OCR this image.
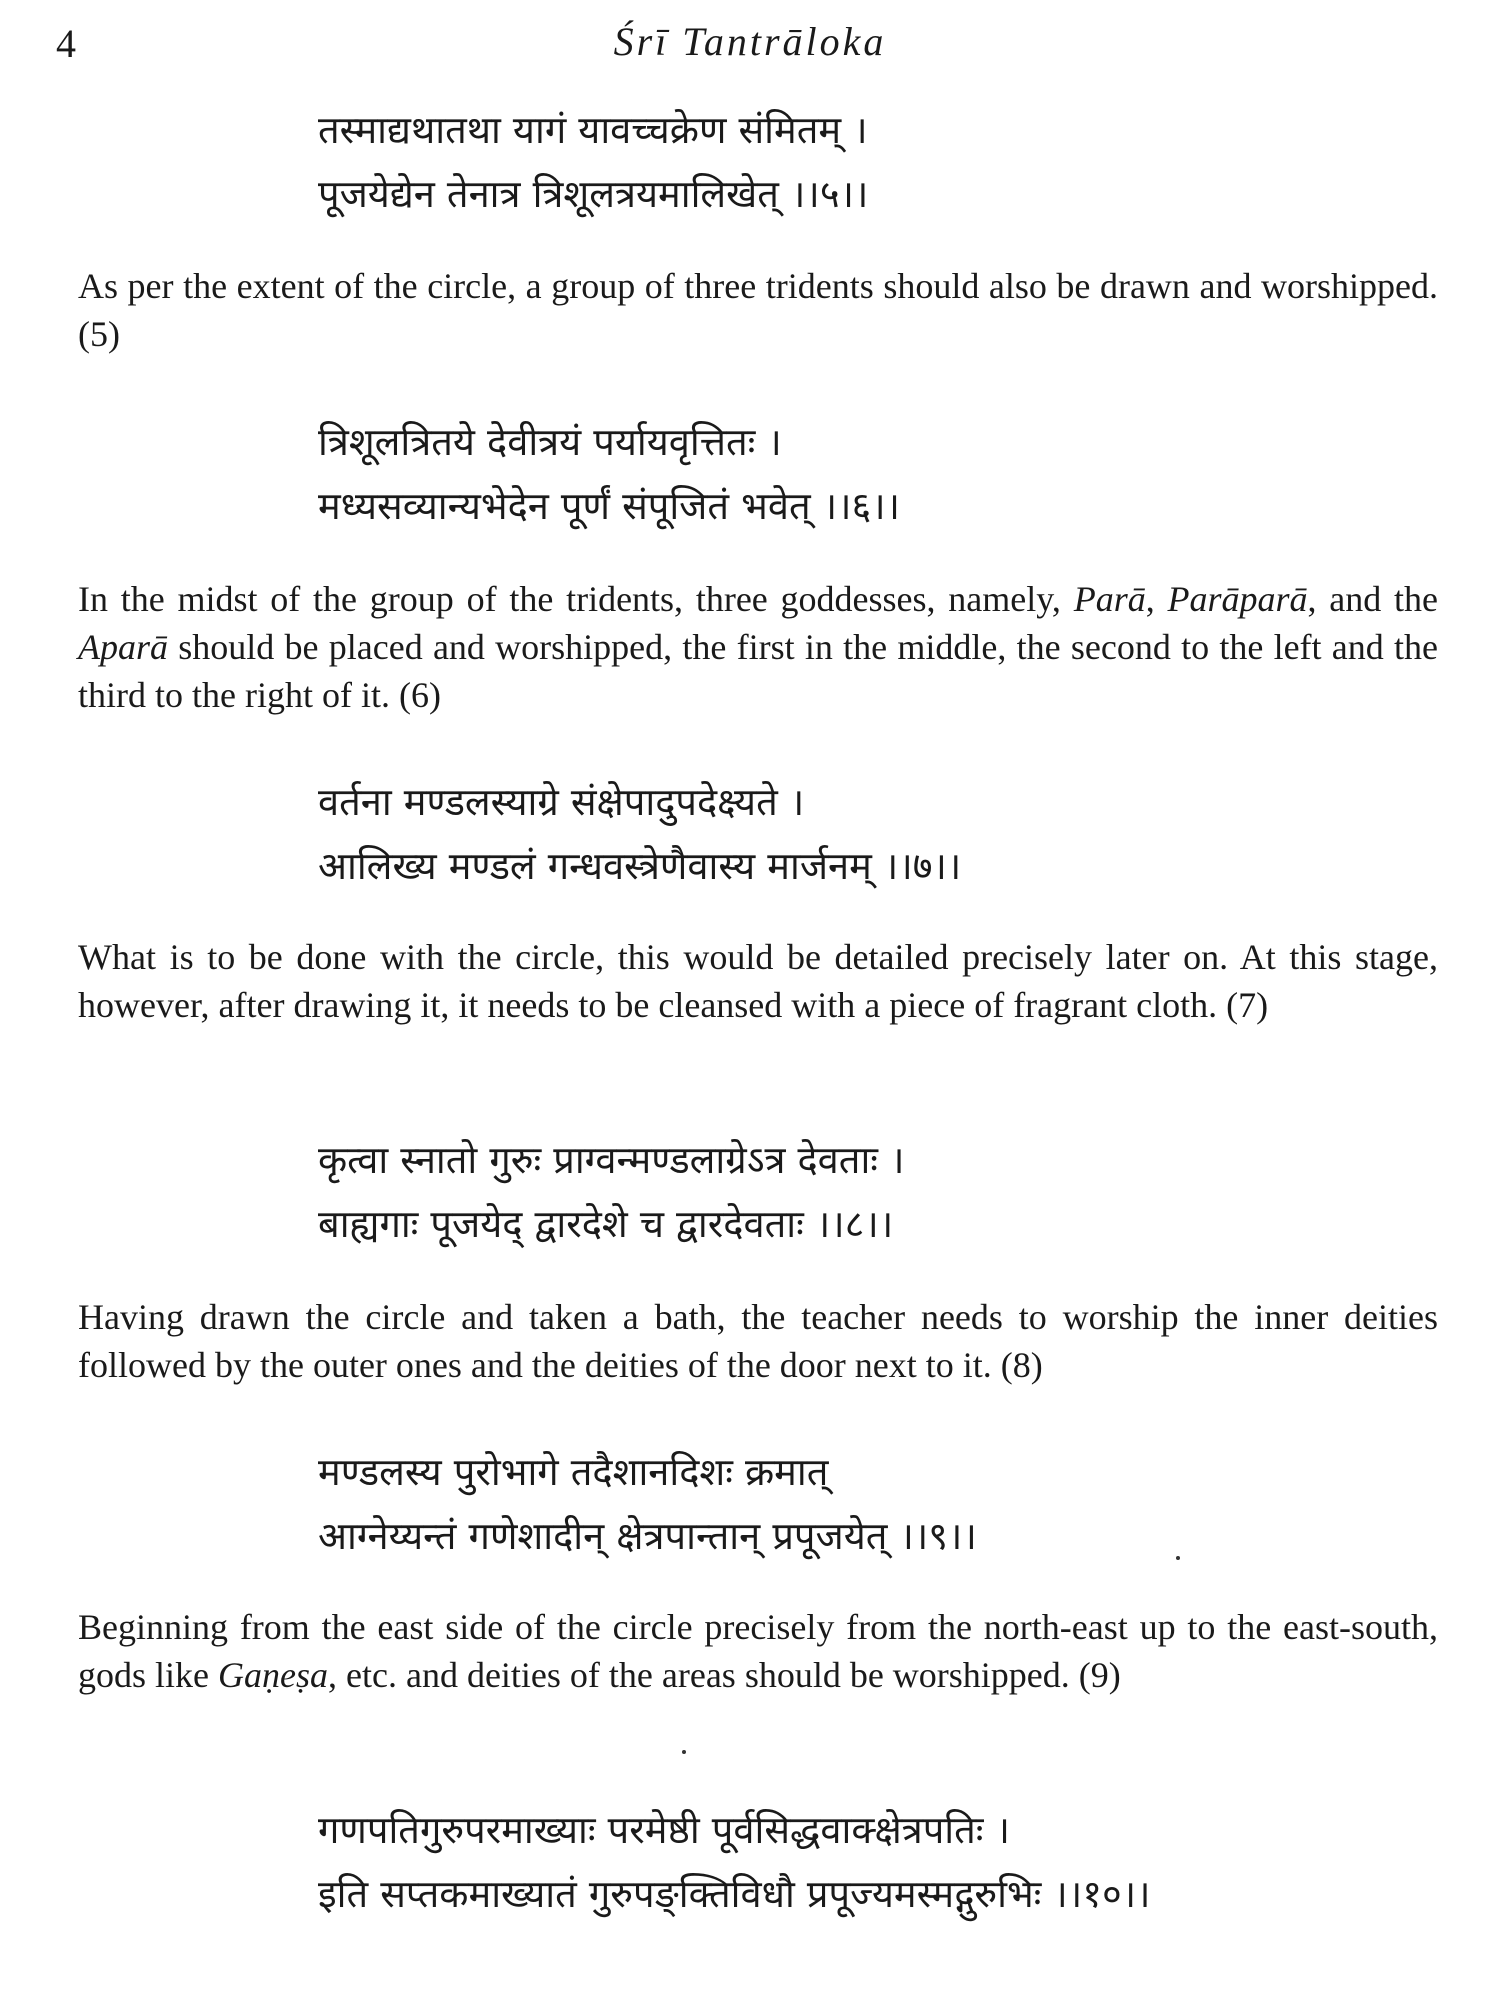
4	Śrī Tantrāloka
तस्माद्यथातथा यागं यावच्चक्रेण संमितम् ।
पूजयेद्येन तेनात्र त्रिशूलत्रयमालिखेत् ।।५।।
As per the extent of the circle, a group of three tridents should also be drawn and worshipped. (5)
त्रिशूलत्रितये देवीत्रयं पर्यायवृत्तितः ।
मध्यसव्यान्यभेदेन पूर्णं संपूजितं भवेत् ।।६।।
In the midst of the group of the tridents, three goddesses, namely, Parā, Parāparā, and the Aparā should be placed and worshipped, the first in the middle, the second to the left and the third to the right of it. (6)
वर्तना मण्डलस्याग्रे संक्षेपादुपदेक्ष्यते ।
आलिख्य मण्डलं गन्धवस्त्रेणैवास्य मार्जनम् ।।७।।
What is to be done with the circle, this would be detailed precisely later on. At this stage, however, after drawing it, it needs to be cleansed with a piece of fragrant cloth. (7)
कृत्वा स्नातो गुरुः प्राग्वन्मण्डलाग्रेऽत्र देवताः ।
बाह्यगाः पूजयेद् द्वारदेशे च द्वारदेवताः ।।८।।
Having drawn the circle and taken a bath, the teacher needs to worship the inner deities followed by the outer ones and the deities of the door next to it. (8)
मण्डलस्य पुरोभागे तदैशानदिशः क्रमात्
आग्नेय्यन्तं गणेशादीन् क्षेत्रपान्तान् प्रपूजयेत् ।।९।।
Beginning from the east side of the circle precisely from the north-east up to the east-south, gods like Gaṇeṣa, etc. and deities of the areas should be worshipped. (9)
गणपतिगुरुपरमाख्याः परमेष्ठी पूर्वसिद्धवाक्क्षेत्रपतिः ।
इति सप्तकमाख्यातं गुरुपङ्क्तिविधौ प्रपूज्यमस्मद्गुरुभिः ।।१०।।
